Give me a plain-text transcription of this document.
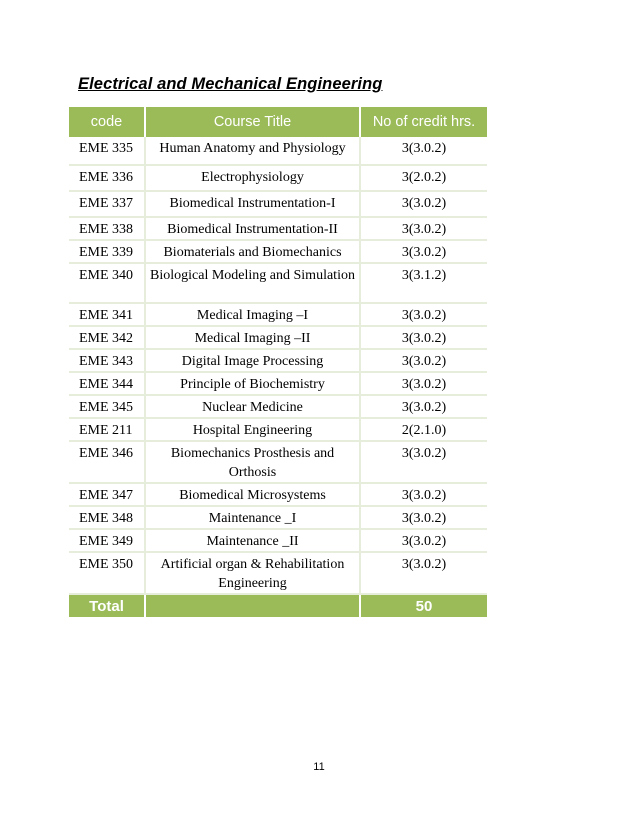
Electrical and Mechanical Engineering
code	Course Title	No of credit hrs.
EME 335	Human Anatomy and Physiology	3(3.0.2)
EME 336	Electrophysiology	3(2.0.2)
EME 337	Biomedical Instrumentation-I	3(3.0.2)
EME 338	Biomedical Instrumentation-II	3(3.0.2)
EME 339	Biomaterials and Biomechanics	3(3.0.2)
EME 340	Biological Modeling and Simulation	3(3.1.2)
EME 341	Medical Imaging –I	3(3.0.2)
EME 342	Medical Imaging –II	3(3.0.2)
EME 343	Digital Image Processing	3(3.0.2)
EME 344	Principle of Biochemistry	3(3.0.2)
EME 345	Nuclear Medicine	3(3.0.2)
EME 211	Hospital Engineering	2(2.1.0)
EME 346	Biomechanics Prosthesis and Orthosis	3(3.0.2)
EME 347	Biomedical Microsystems	3(3.0.2)
EME 348	Maintenance _I	3(3.0.2)
EME 349	Maintenance _II	3(3.0.2)
EME 350	Artificial organ & Rehabilitation Engineering	3(3.0.2)
Total		50
11
